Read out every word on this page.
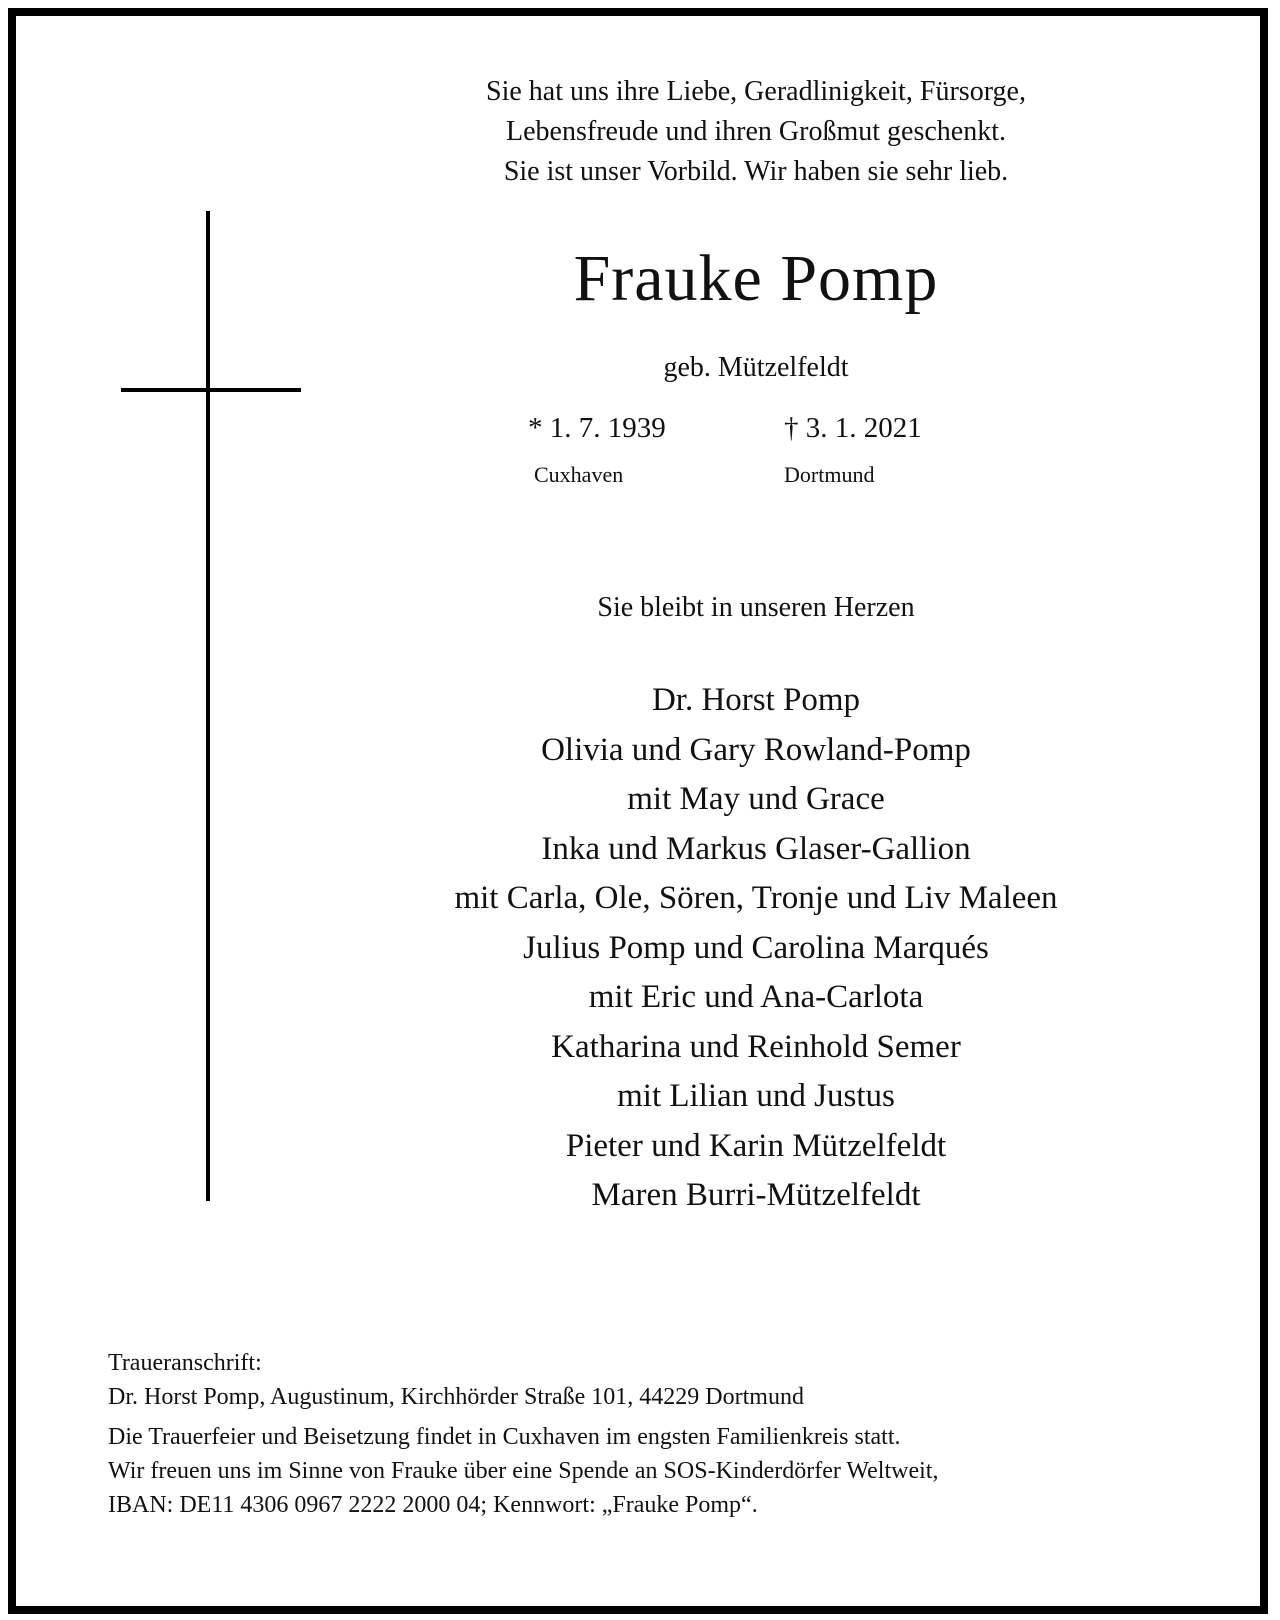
Sie hat uns ihre Liebe, Geradlinigkeit, Fürsorge,
Lebensfreude und ihren Großmut geschenkt.
Sie ist unser Vorbild. Wir haben sie sehr lieb.
Frauke Pomp
geb. Mützelfeldt
* 1. 7. 1939	† 3. 1. 2021
Cuxhaven	Dortmund
Sie bleibt in unseren Herzen
Dr. Horst Pomp
Olivia und Gary Rowland-Pomp
mit May und Grace
Inka und Markus Glaser-Gallion
mit Carla, Ole, Sören, Tronje und Liv Maleen
Julius Pomp und Carolina Marqués
mit Eric und Ana-Carlota
Katharina und Reinhold Semer
mit Lilian und Justus
Pieter und Karin Mützelfeldt
Maren Burri-Mützelfeldt
Traueranschrift:
Dr. Horst Pomp, Augustinum, Kirchhörder Straße 101, 44229 Dortmund
Die Trauerfeier und Beisetzung findet in Cuxhaven im engsten Familienkreis statt.
Wir freuen uns im Sinne von Frauke über eine Spende an SOS-Kinderdörfer Weltweit,
IBAN: DE11 4306 0967 2222 2000 04; Kennwort: „Frauke Pomp“.
